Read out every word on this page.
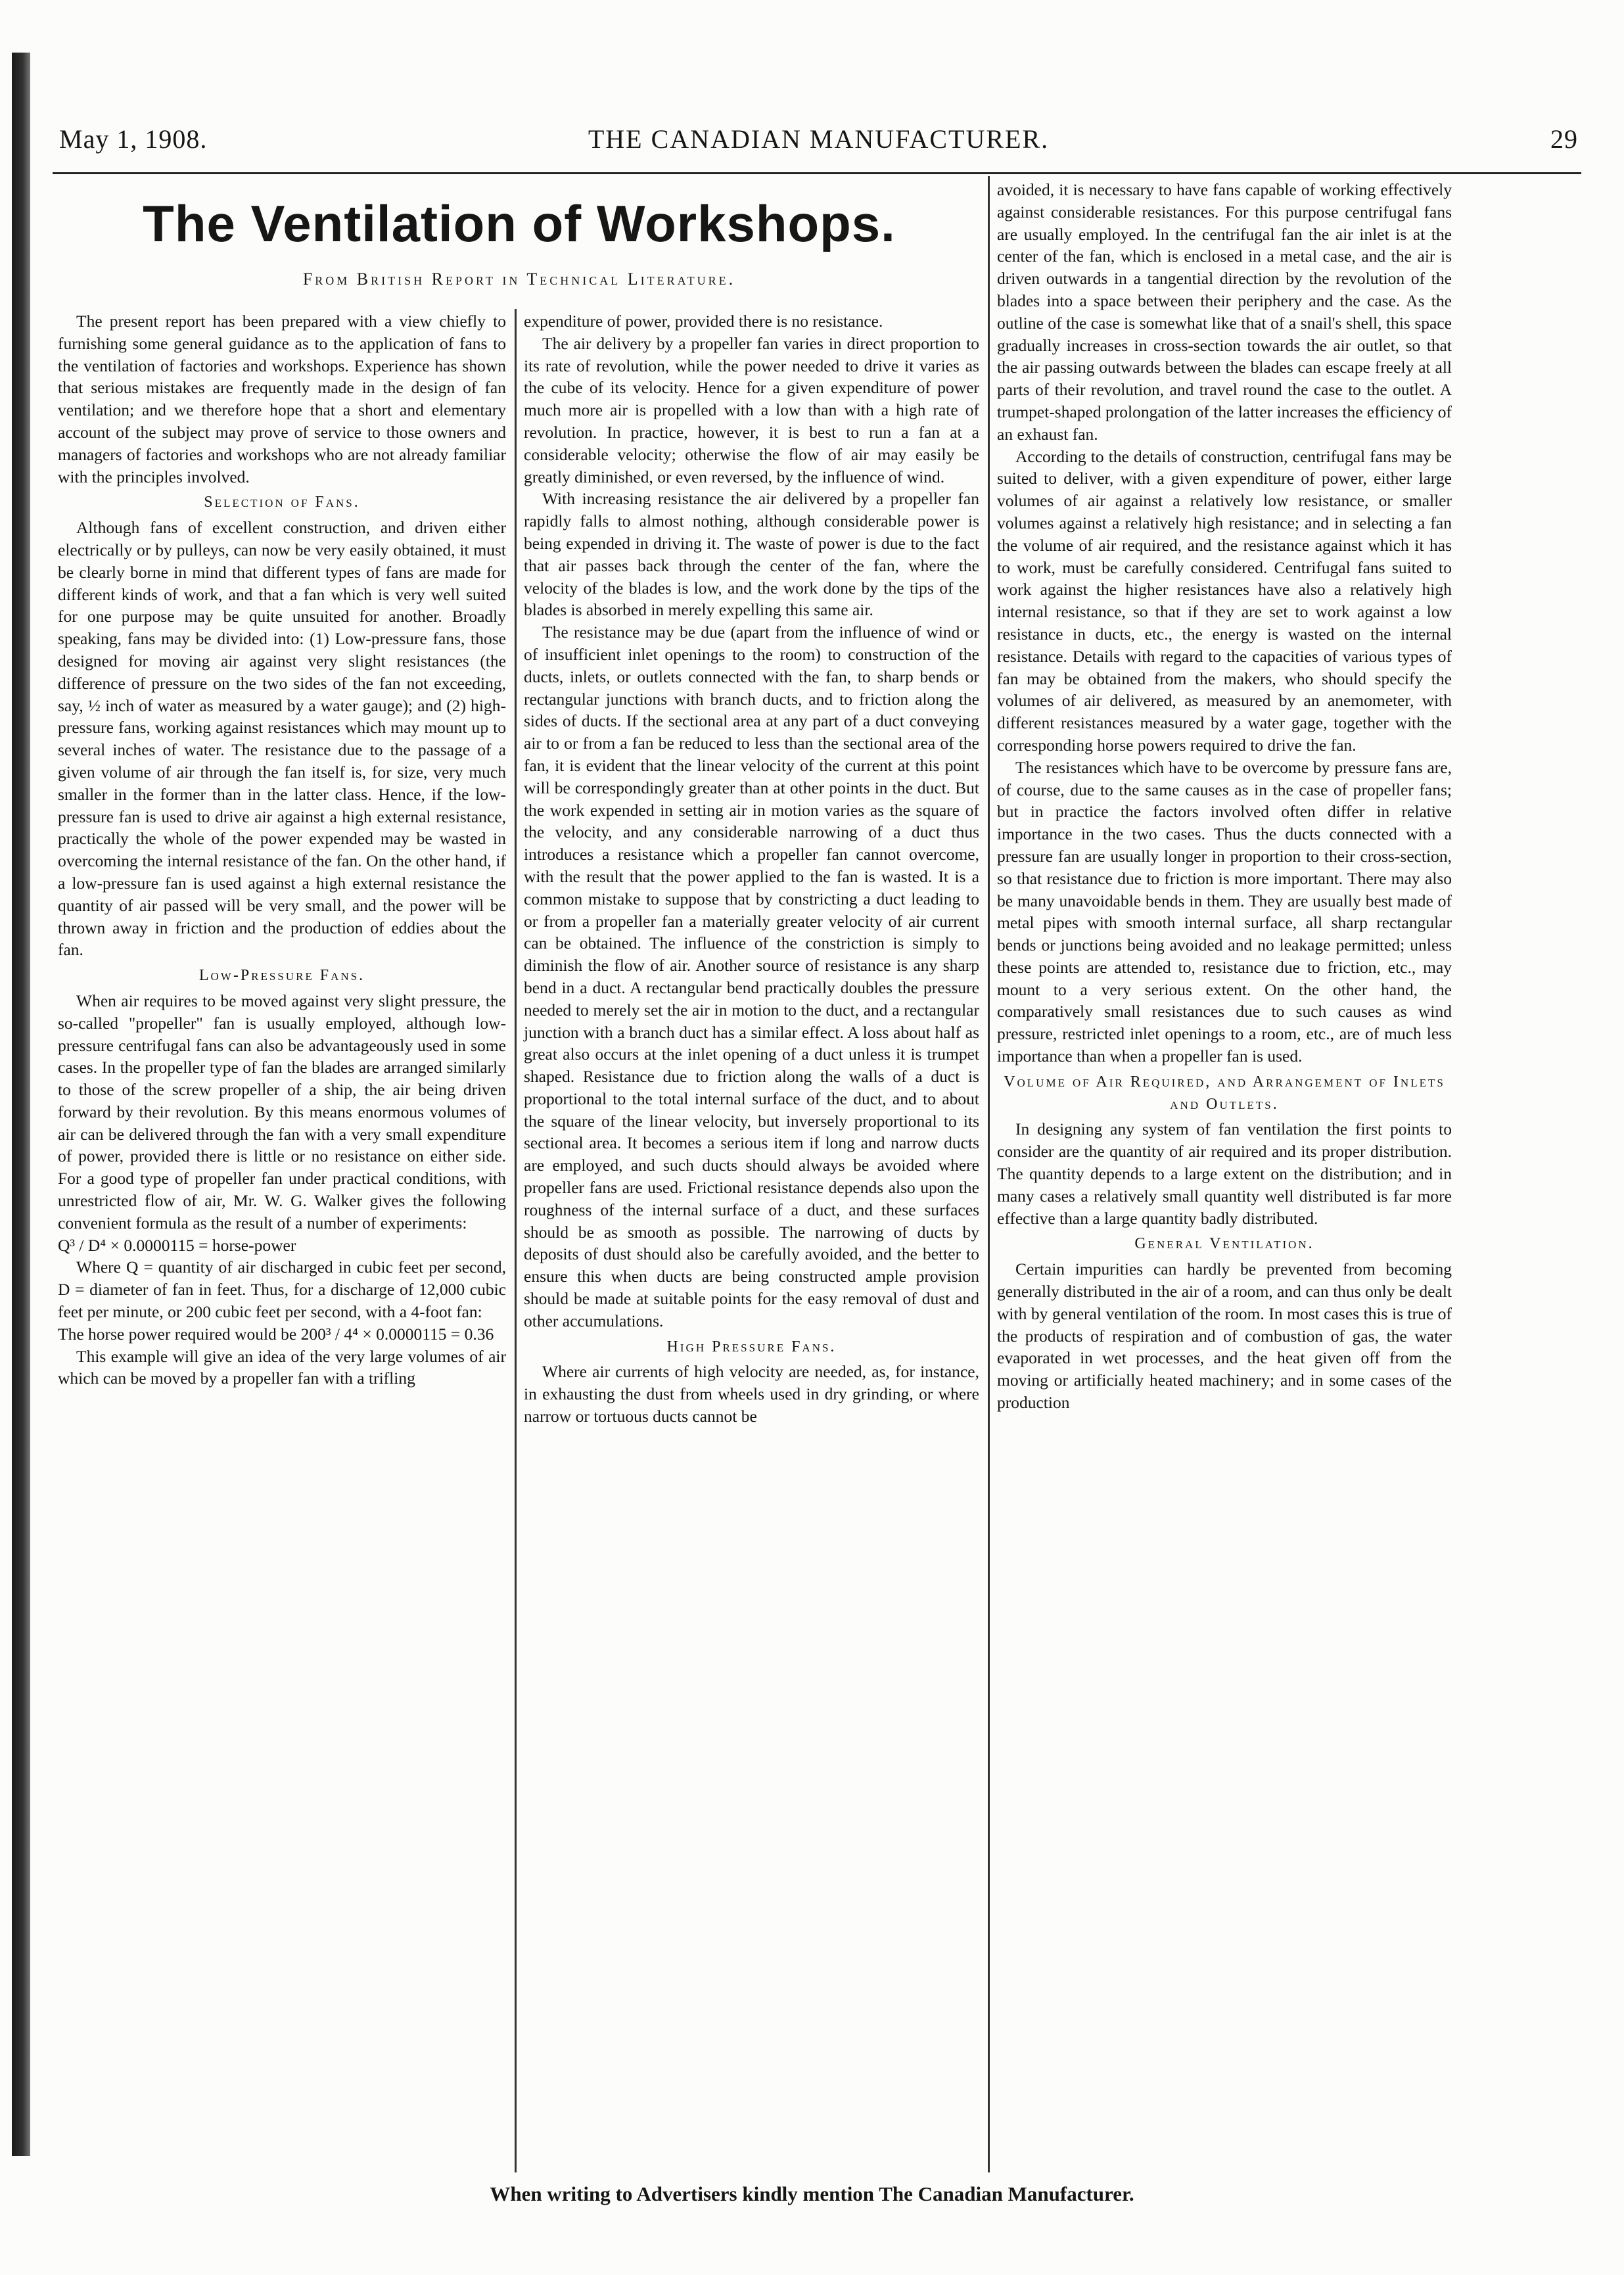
May 1, 1908.	THE CANADIAN MANUFACTURER.	29
The Ventilation of Workshops.
From British Report in Technical Literature.

The present report has been prepared with a view chiefly to furnishing some general guidance as to the application of fans to the ventilation of factories and workshops. Experience has shown that serious mistakes are frequently made in the design of fan ventilation; and we therefore hope that a short and elementary account of the subject may prove of service to those owners and managers of factories and workshops who are not already familiar with the principles involved.

Selection of Fans.

Although fans of excellent construction, and driven either electrically or by pulleys, can now be very easily obtained, it must be clearly borne in mind that different types of fans are made for different kinds of work, and that a fan which is very well suited for one purpose may be quite unsuited for another. Broadly speaking, fans may be divided into: (1) Low-pressure fans, those designed for moving air against very slight resistances (the difference of pressure on the two sides of the fan not exceeding, say, ½ inch of water as measured by a water gauge); and (2) high-pressure fans, working against resistances which may mount up to several inches of water. The resistance due to the passage of a given volume of air through the fan itself is, for size, very much smaller in the former than in the latter class. Hence, if the low-pressure fan is used to drive air against a high external resistance, practically the whole of the power expended may be wasted in overcoming the internal resistance of the fan. On the other hand, if a low-pressure fan is used against a high external resistance the quantity of air passed will be very small, and the power will be thrown away in friction and the production of eddies about the fan.

Low-Pressure Fans.

When air requires to be moved against very slight pressure, the so-called "propeller" fan is usually employed, although low-pressure centrifugal fans can also be advantageously used in some cases. In the propeller type of fan the blades are arranged similarly to those of the screw propeller of a ship, the air being driven forward by their revolution. By this means enormous volumes of air can be delivered through the fan with a very small expenditure of power, provided there is little or no resistance on either side. For a good type of propeller fan under practical conditions, with unrestricted flow of air, Mr. W. G. Walker gives the following convenient formula as the result of a number of experiments:

Q³ / D⁴ × 0.0000115 = horse-power

Where Q = quantity of air discharged in cubic feet per second, D = diameter of fan in feet. Thus, for a discharge of 12,000 cubic feet per minute, or 200 cubic feet per second, with a 4-foot fan:

The horse power required would be 200³ / 4⁴ × 0.0000115 = 0.36

This example will give an idea of the very large volumes of air which can be moved by a propeller fan with a trifling

expenditure of power, provided there is no resistance.

The air delivery by a propeller fan varies in direct proportion to its rate of revolution, while the power needed to drive it varies as the cube of its velocity. Hence for a given expenditure of power much more air is propelled with a low than with a high rate of revolution. In practice, however, it is best to run a fan at a considerable velocity; otherwise the flow of air may easily be greatly diminished, or even reversed, by the influence of wind.

With increasing resistance the air delivered by a propeller fan rapidly falls to almost nothing, although considerable power is being expended in driving it. The waste of power is due to the fact that air passes back through the center of the fan, where the velocity of the blades is low, and the work done by the tips of the blades is absorbed in merely expelling this same air.

The resistance may be due (apart from the influence of wind or of insufficient inlet openings to the room) to construction of the ducts, inlets, or outlets connected with the fan, to sharp bends or rectangular junctions with branch ducts, and to friction along the sides of ducts. If the sectional area at any part of a duct conveying air to or from a fan be reduced to less than the sectional area of the fan, it is evident that the linear velocity of the current at this point will be correspondingly greater than at other points in the duct. But the work expended in setting air in motion varies as the square of the velocity, and any considerable narrowing of a duct thus introduces a resistance which a propeller fan cannot overcome, with the result that the power applied to the fan is wasted. It is a common mistake to suppose that by constricting a duct leading to or from a propeller fan a materially greater velocity of air current can be obtained. The influence of the constriction is simply to diminish the flow of air. Another source of resistance is any sharp bend in a duct. A rectangular bend practically doubles the pressure needed to merely set the air in motion to the duct, and a rectangular junction with a branch duct has a similar effect. A loss about half as great also occurs at the inlet opening of a duct unless it is trumpet shaped. Resistance due to friction along the walls of a duct is proportional to the total internal surface of the duct, and to about the square of the linear velocity, but inversely proportional to its sectional area. It becomes a serious item if long and narrow ducts are employed, and such ducts should always be avoided where propeller fans are used. Frictional resistance depends also upon the roughness of the internal surface of a duct, and these surfaces should be as smooth as possible. The narrowing of ducts by deposits of dust should also be carefully avoided, and the better to ensure this when ducts are being constructed ample provision should be made at suitable points for the easy removal of dust and other accumulations.

High Pressure Fans.

Where air currents of high velocity are needed, as, for instance, in exhausting the dust from wheels used in dry grinding, or where narrow or tortuous ducts cannot be

avoided, it is necessary to have fans capable of working effectively against considerable resistances. For this purpose centrifugal fans are usually employed. In the centrifugal fan the air inlet is at the center of the fan, which is enclosed in a metal case, and the air is driven outwards in a tangential direction by the revolution of the blades into a space between their periphery and the case. As the outline of the case is somewhat like that of a snail's shell, this space gradually increases in cross-section towards the air outlet, so that the air passing outwards between the blades can escape freely at all parts of their revolution, and travel round the case to the outlet. A trumpet-shaped prolongation of the latter increases the efficiency of an exhaust fan.

According to the details of construction, centrifugal fans may be suited to deliver, with a given expenditure of power, either large volumes of air against a relatively low resistance, or smaller volumes against a relatively high resistance; and in selecting a fan the volume of air required, and the resistance against which it has to work, must be carefully considered. Centrifugal fans suited to work against the higher resistances have also a relatively high internal resistance, so that if they are set to work against a low resistance in ducts, etc., the energy is wasted on the internal resistance. Details with regard to the capacities of various types of fan may be obtained from the makers, who should specify the volumes of air delivered, as measured by an anemometer, with different resistances measured by a water gage, together with the corresponding horse powers required to drive the fan.

The resistances which have to be overcome by pressure fans are, of course, due to the same causes as in the case of propeller fans; but in practice the factors involved often differ in relative importance in the two cases. Thus the ducts connected with a pressure fan are usually longer in proportion to their cross-section, so that resistance due to friction is more important. There may also be many unavoidable bends in them. They are usually best made of metal pipes with smooth internal surface, all sharp rectangular bends or junctions being avoided and no leakage permitted; unless these points are attended to, resistance due to friction, etc., may mount to a very serious extent. On the other hand, the comparatively small resistances due to such causes as wind pressure, restricted inlet openings to a room, etc., are of much less importance than when a propeller fan is used.

Volume of Air Required, and Arrangement of Inlets and Outlets.

In designing any system of fan ventilation the first points to consider are the quantity of air required and its proper distribution. The quantity depends to a large extent on the distribution; and in many cases a relatively small quantity well distributed is far more effective than a large quantity badly distributed.

General Ventilation.

Certain impurities can hardly be prevented from becoming generally distributed in the air of a room, and can thus only be dealt with by general ventilation of the room. In most cases this is true of the products of respiration and of combustion of gas, the water evaporated in wet processes, and the heat given off from the moving or artificially heated machinery; and in some cases of the production

When writing to Advertisers kindly mention The Canadian Manufacturer.
